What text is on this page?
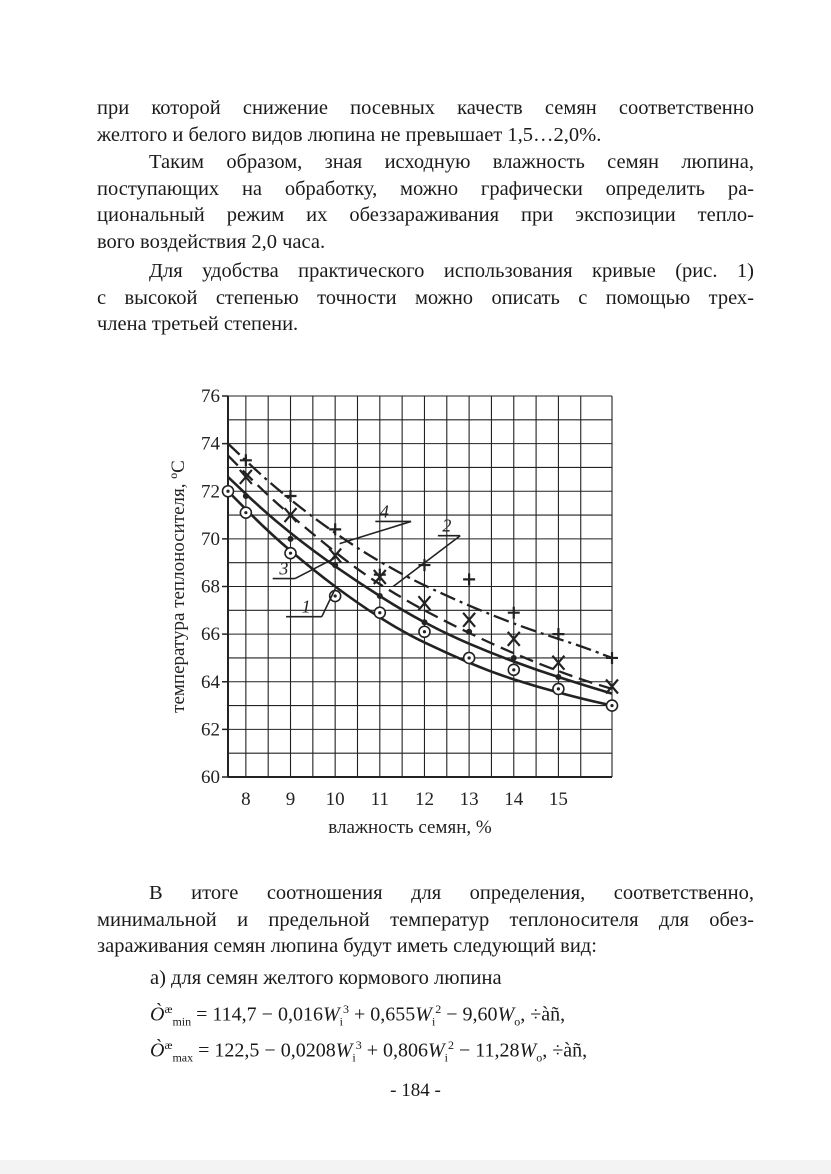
при которой снижение посевных качеств семян соответственно
желтого и белого видов люпина не превышает 1,5…2,0%.

Таким образом, зная исходную влажность семян люпина,
поступающих на обработку, можно графически определить ра-
циональный режим их обеззараживания при экспозиции тепло-
вого воздействия 2,0 часа.

Для удобства практического использования кривые (рис. 1)
с высокой степенью точности можно описать с помощью трех-
члена третьей степени.

60
62
64
66
68
70
72
74
76
8 9 10 11 12 13 14 15
влажность семян, %
температура теплоносителя, ºС	1
2
3
4

В итоге соотношения для определения, соответственно,
минимальной и предельной температур теплоносителя для обез-
зараживания семян люпина будут иметь следующий вид:

а) для семян желтого кормового люпина

$Ò^æ_{min} = 114,7 - 0,016W_i^3 + 0,655W_i^2 - 9,60W_o$, ÷àñ,

$Ò^æ_{max} = 122,5 - 0,0208W_i^3 + 0,806W_i^2 - 11,28W_o$, ÷àñ,

- 184 -
